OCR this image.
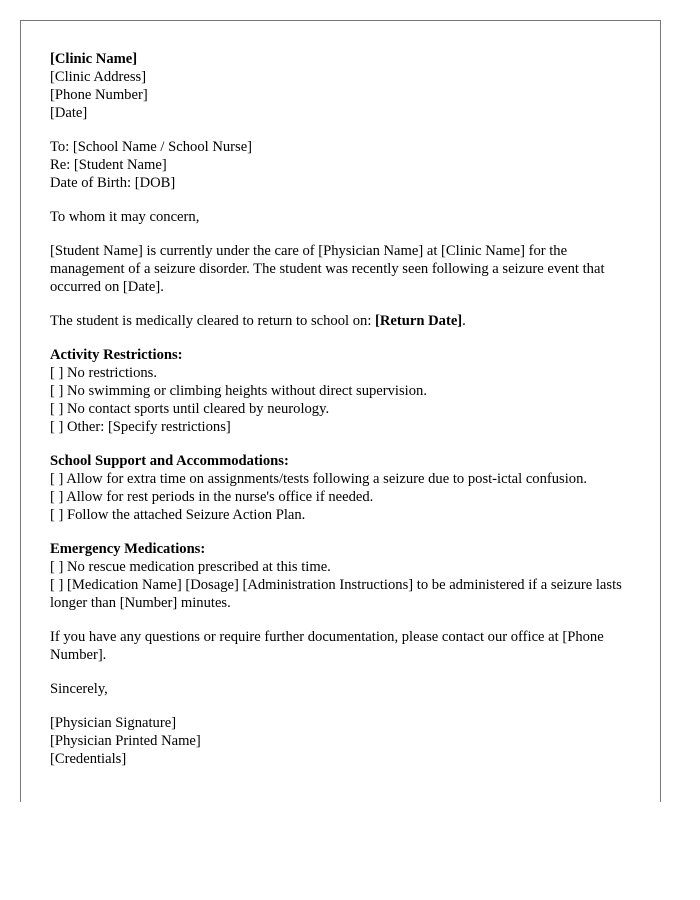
[Clinic Name]
[Clinic Address]
[Phone Number]
[Date]

To: [School Name / School Nurse]
Re: [Student Name]
Date of Birth: [DOB]

To whom it may concern,

[Student Name] is currently under the care of [Physician Name] at [Clinic Name] for the management of a seizure disorder. The student was recently seen following a seizure event that occurred on [Date].

The student is medically cleared to return to school on: [Return Date].

Activity Restrictions:
[ ] No restrictions.
[ ] No swimming or climbing heights without direct supervision.
[ ] No contact sports until cleared by neurology.
[ ] Other: [Specify restrictions]

School Support and Accommodations:
[ ] Allow for extra time on assignments/tests following a seizure due to post-ictal confusion.
[ ] Allow for rest periods in the nurse's office if needed.
[ ] Follow the attached Seizure Action Plan.

Emergency Medications:
[ ] No rescue medication prescribed at this time.
[ ] [Medication Name] [Dosage] [Administration Instructions] to be administered if a seizure lasts longer than [Number] minutes.

If you have any questions or require further documentation, please contact our office at [Phone Number].

Sincerely,

[Physician Signature]
[Physician Printed Name]
[Credentials]
